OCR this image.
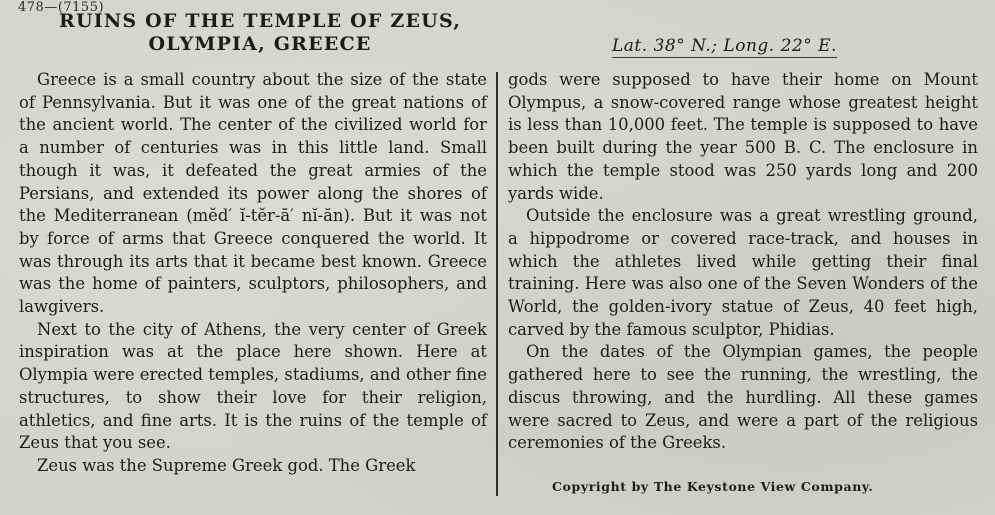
478—(7155)
RUINS OF THE TEMPLE OF ZEUS,
OLYMPIA, GREECE	Lat. 38° N.; Long. 22° E.

Greece is a small country about the size of the state of Pennsylvania. But it was one of the great nations of the ancient world. The center of the civilized world for a number of centuries was in this little land. Small though it was, it defeated the great armies of the Persians, and extended its power along the shores of the Mediterranean (mĕd′ ĭ-tĕr-ā′ nĭ-ăn). But it was not by force of arms that Greece conquered the world. It was through its arts that it became best known. Greece was the home of painters, sculptors, philosophers, and lawgivers.

Next to the city of Athens, the very center of Greek inspiration was at the place here shown. Here at Olympia were erected temples, stadiums, and other fine structures, to show their love for their religion, athletics, and fine arts. It is the ruins of the temple of Zeus that you see.

Zeus was the Supreme Greek god. The Greek

gods were supposed to have their home on Mount Olympus, a snow-covered range whose greatest height is less than 10,000 feet. The temple is supposed to have been built during the year 500 B. C. The enclosure in which the temple stood was 250 yards long and 200 yards wide.

Outside the enclosure was a great wrestling ground, a hippodrome or covered race-track, and houses in which the athletes lived while getting their final training. Here was also one of the Seven Wonders of the World, the golden-ivory statue of Zeus, 40 feet high, carved by the famous sculptor, Phidias.

On the dates of the Olympian games, the people gathered here to see the running, the wrestling, the discus throwing, and the hurdling. All these games were sacred to Zeus, and were a part of the religious ceremonies of the Greeks.

Copyright by The Keystone View Company.
